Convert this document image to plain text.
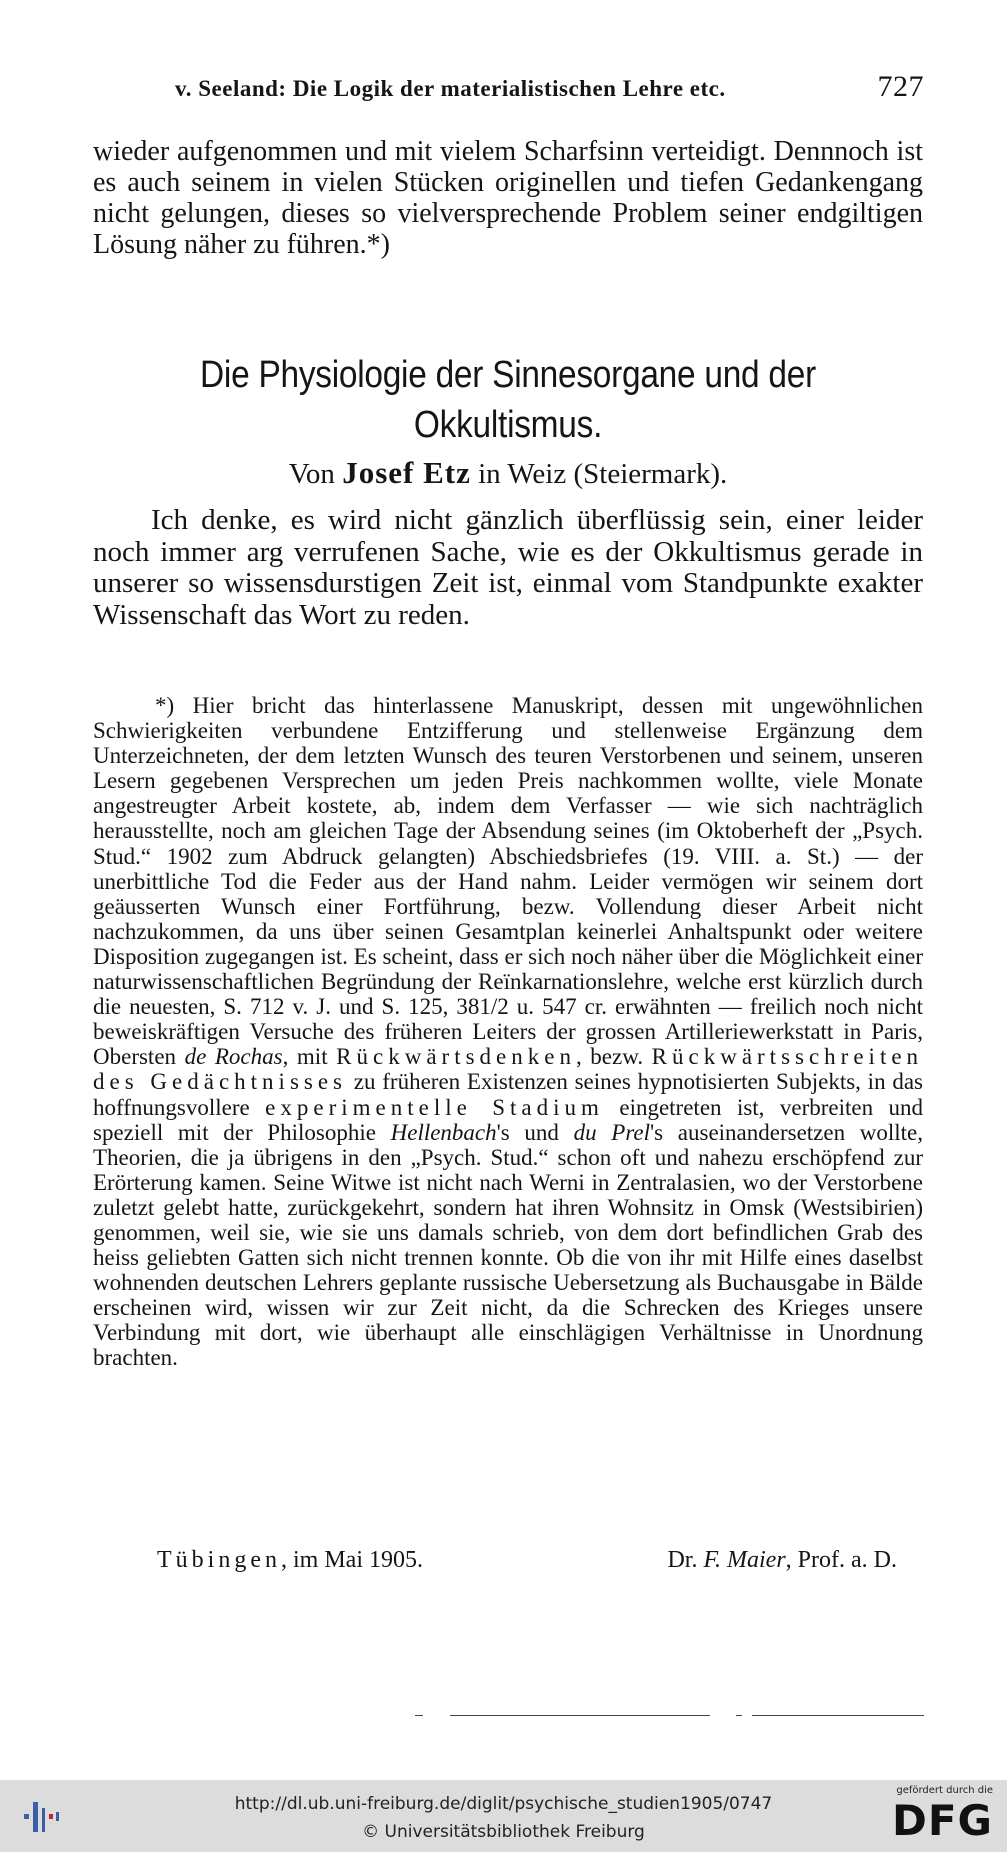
v. Seeland: Die Logik der materialistischen Lehre etc.	727

wieder aufgenommen und mit vielem Scharfsinn verteidigt. Dennnoch ist es auch seinem in vielen Stücken originellen und tiefen Gedankengang nicht gelungen, dieses so vielversprechende Problem seiner endgiltigen Lösung näher zu führen.*)

Die Physiologie der Sinnesorgane und der
Okkultismus.
Von Josef Etz in Weiz (Steiermark).

Ich denke, es wird nicht gänzlich überflüssig sein, einer leider noch immer arg verrufenen Sache, wie es der Okkultismus gerade in unserer so wissensdurstigen Zeit ist, einmal vom Standpunkte exakter Wissenschaft das Wort zu reden.

*) Hier bricht das hinterlassene Manuskript, dessen mit ungewöhnlichen Schwierigkeiten verbundene Entzifferung und stellenweise Ergänzung dem Unterzeichneten, der dem letzten Wunsch des teuren Verstorbenen und seinem, unseren Lesern gegebenen Versprechen um jeden Preis nachkommen wollte, viele Monate angestreugter Arbeit kostete, ab, indem dem Verfasser — wie sich nachträglich herausstellte, noch am gleichen Tage der Absendung seines (im Oktoberheft der „Psych. Stud.“ 1902 zum Abdruck gelangten) Abschiedsbriefes (19. VIII. a. St.) — der unerbittliche Tod die Feder aus der Hand nahm. Leider vermögen wir seinem dort geäusserten Wunsch einer Fortführung, bezw. Vollendung dieser Arbeit nicht nachzukommen, da uns über seinen Gesamtplan keinerlei Anhaltspunkt oder weitere Disposition zugegangen ist. Es scheint, dass er sich noch näher über die Möglichkeit einer naturwissenschaftlichen Begründung der Reïnkarnationslehre, welche erst kürzlich durch die neuesten, S. 712 v. J. und S. 125, 381/2 u. 547 cr. erwähnten — freilich noch nicht beweiskräftigen Versuche des früheren Leiters der grossen Artilleriewerkstatt in Paris, Obersten de Rochas, mit Rückwärtsdenken, bezw. Rückwärtsschreiten des Gedächtnisses zu früheren Existenzen seines hypnotisierten Subjekts, in das hoffnungsvollere experimentelle Stadium eingetreten ist, verbreiten und speziell mit der Philosophie Hellenbach's und du Prel's auseinandersetzen wollte, Theorien, die ja übrigens in den „Psych. Stud.“ schon oft und nahezu erschöpfend zur Erörterung kamen. Seine Witwe ist nicht nach Werni in Zentralasien, wo der Verstorbene zuletzt gelebt hatte, zurückgekehrt, sondern hat ihren Wohnsitz in Omsk (Westsibirien) genommen, weil sie, wie sie uns damals schrieb, von dem dort befindlichen Grab des heiss geliebten Gatten sich nicht trennen konnte. Ob die von ihr mit Hilfe eines daselbst wohnenden deutschen Lehrers geplante russische Uebersetzung als Buchausgabe in Bälde erscheinen wird, wissen wir zur Zeit nicht, da die Schrecken des Krieges unsere Verbindung mit dort, wie überhaupt alle einschlägigen Verhältnisse in Unordnung brachten.

Tübingen, im Mai 1905.	Dr. F. Maier, Prof. a. D.
http://dl.ub.uni-freiburg.de/diglit/psychische_studien1905/0747
© Universitätsbibliothek Freiburg
gefördert durch die
DFG
